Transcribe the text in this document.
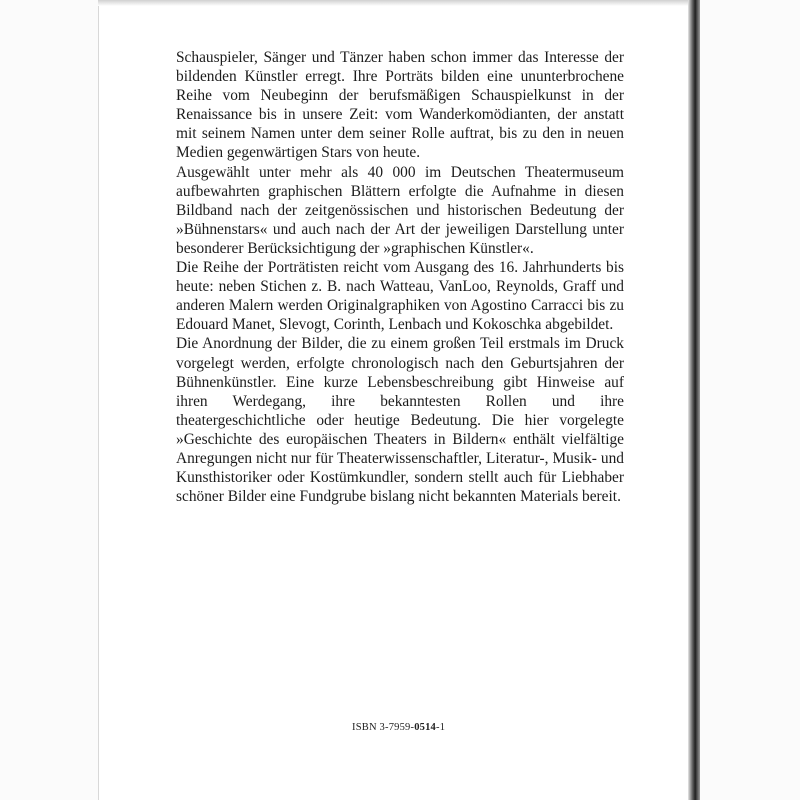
Schauspieler, Sänger und Tänzer haben schon immer das Interesse der bildenden Künstler erregt. Ihre Porträts bilden eine ununterbrochene Reihe vom Neubeginn der berufsmäßigen Schauspielkunst in der Renaissance bis in unsere Zeit: vom Wanderkomödianten, der anstatt mit seinem Namen unter dem seiner Rolle auftrat, bis zu den in neuen Medien gegenwärtigen Stars von heute.

Ausgewählt unter mehr als 40 000 im Deutschen Theatermuseum aufbewahrten graphischen Blättern erfolgte die Aufnahme in diesen Bildband nach der zeitgenössischen und historischen Bedeutung der »Bühnenstars« und auch nach der Art der jeweiligen Darstellung unter besonderer Berücksichtigung der »graphischen Künstler«.

Die Reihe der Porträtisten reicht vom Ausgang des 16. Jahrhunderts bis heute: neben Stichen z. B. nach Watteau, VanLoo, Reynolds, Graff und anderen Malern werden Originalgraphiken von Agostino Carracci bis zu Edouard Manet, Slevogt, Corinth, Lenbach und Kokoschka abgebildet.

Die Anordnung der Bilder, die zu einem großen Teil erstmals im Druck vorgelegt werden, erfolgte chronologisch nach den Geburtsjahren der Bühnenkünstler. Eine kurze Lebensbeschreibung gibt Hinweise auf ihren Werdegang, ihre bekanntesten Rollen und ihre theatergeschichtliche oder heutige Bedeutung. Die hier vorgelegte »Geschichte des europäischen Theaters in Bildern« enthält vielfältige Anregungen nicht nur für Theaterwissenschaftler, Literatur-, Musik- und Kunsthistoriker oder Kostümkundler, sondern stellt auch für Liebhaber schöner Bilder eine Fundgrube bislang nicht bekannten Materials bereit.

ISBN 3-7959-0514-1
